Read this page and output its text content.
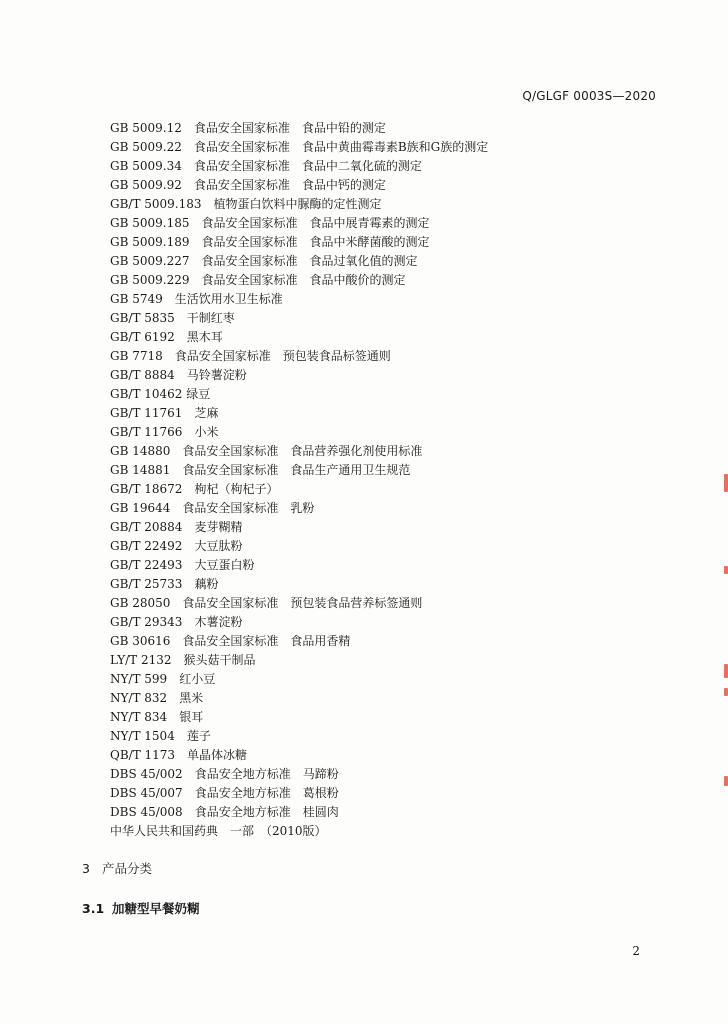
Q/GLGF 0003S—2020
GB 5009.12　食品安全国家标准　食品中铅的测定
GB 5009.22　食品安全国家标准　食品中黄曲霉毒素B族和G族的测定
GB 5009.34　食品安全国家标准　食品中二氧化硫的测定
GB 5009.92　食品安全国家标准　食品中钙的测定
GB/T 5009.183　植物蛋白饮料中脲酶的定性测定
GB 5009.185　食品安全国家标准　食品中展青霉素的测定
GB 5009.189　食品安全国家标准　食品中米酵菌酸的测定
GB 5009.227　食品安全国家标准　食品过氧化值的测定
GB 5009.229　食品安全国家标准　食品中酸价的测定
GB 5749　生活饮用水卫生标准
GB/T 5835　干制红枣
GB/T 6192　黑木耳
GB 7718　食品安全国家标准　预包装食品标签通则
GB/T 8884　马铃薯淀粉
GB/T 10462 绿豆
GB/T 11761　芝麻
GB/T 11766　小米
GB 14880　食品安全国家标准　食品营养强化剂使用标准
GB 14881　食品安全国家标准　食品生产通用卫生规范
GB/T 18672　枸杞（枸杞子）
GB 19644　食品安全国家标准　乳粉
GB/T 20884　麦芽糊精
GB/T 22492　大豆肽粉
GB/T 22493　大豆蛋白粉
GB/T 25733　藕粉
GB 28050　食品安全国家标准　预包装食品营养标签通则
GB/T 29343　木薯淀粉
GB 30616　食品安全国家标准　食品用香精
LY/T 2132　猴头菇干制品
NY/T 599　红小豆
NY/T 832　黑米
NY/T 834　银耳
NY/T 1504　莲子
QB/T 1173　单晶体冰糖
DBS 45/002　食品安全地方标准　马蹄粉
DBS 45/007　食品安全地方标准　葛根粉
DBS 45/008　食品安全地方标准　桂圆肉
中华人民共和国药典　一部　（2010版）
3 产品分类
3.1 加糖型早餐奶糊
2
